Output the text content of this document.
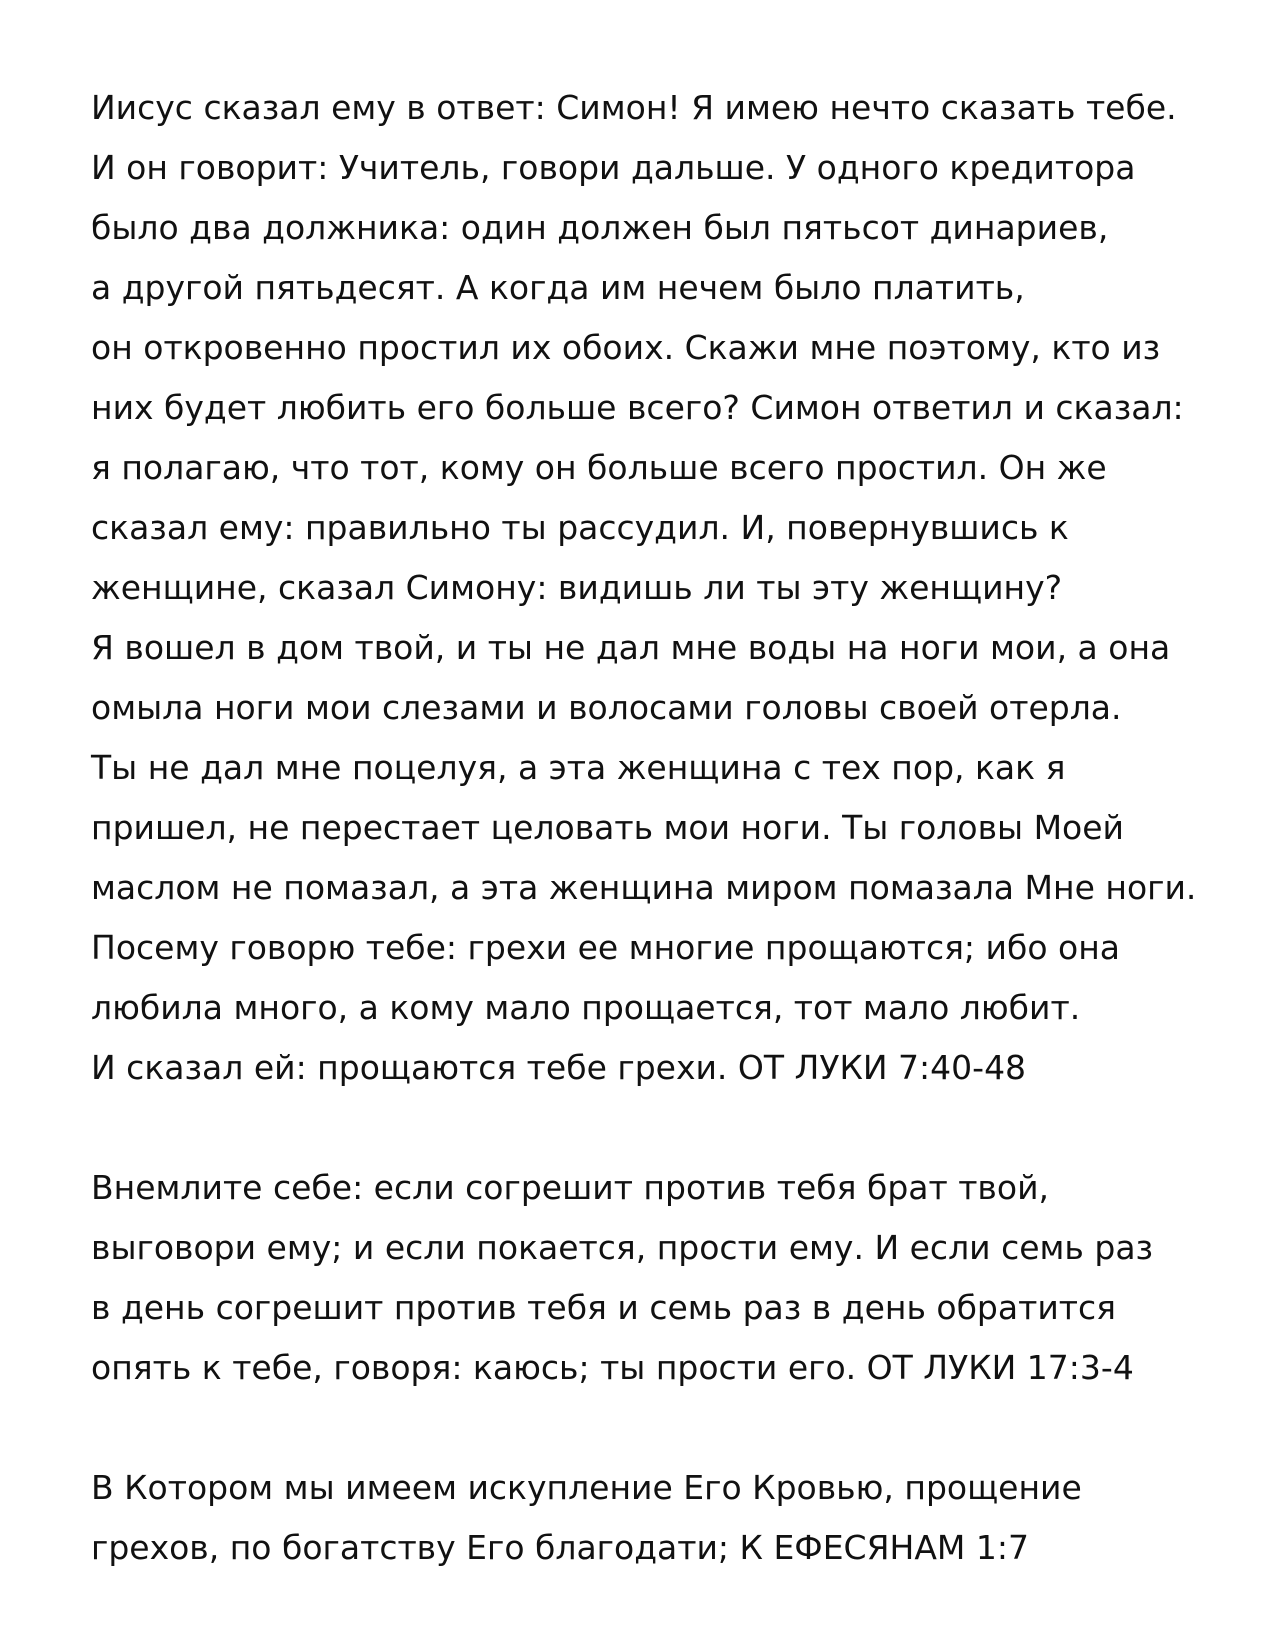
Иисус сказал ему в ответ: Симон! Я имею нечто сказать тебе.
И он говорит: Учитель, говори дальше. У одного кредитора
было два должника: один должен был пятьсот динариев,
а другой пятьдесят. А когда им нечем было платить,
он откровенно простил их обоих. Скажи мне поэтому, кто из
них будет любить его больше всего? Симон ответил и сказал:
я полагаю, что тот, кому он больше всего простил. Он же
сказал ему: правильно ты рассудил. И, повернувшись к
женщине, сказал Симону: видишь ли ты эту женщину?
Я вошел в дом твой, и ты не дал мне воды на ноги мои, а она
омыла ноги мои слезами и волосами головы своей отерла.
Ты не дал мне поцелуя, а эта женщина с тех пор, как я
пришел, не перестает целовать мои ноги. Ты головы Моей
маслом не помазал, а эта женщина миром помазала Мне ноги.
Посему говорю тебе: грехи ее многие прощаются; ибо она
любила много, а кому мало прощается, тот мало любит.
И сказал ей: прощаются тебе грехи. ОТ ЛУКИ 7:40-48
Внемлите себе: если согрешит против тебя брат твой,
выговори ему; и если покается, прости ему. И если семь раз
в день согрешит против тебя и семь раз в день обратится
опять к тебе, говоря: каюсь; ты прости его. ОТ ЛУКИ 17:3-4
В Котором мы имеем искупление Его Кровью, прощение
грехов, по богатству Его благодати; К ЕФЕСЯНАМ 1:7
